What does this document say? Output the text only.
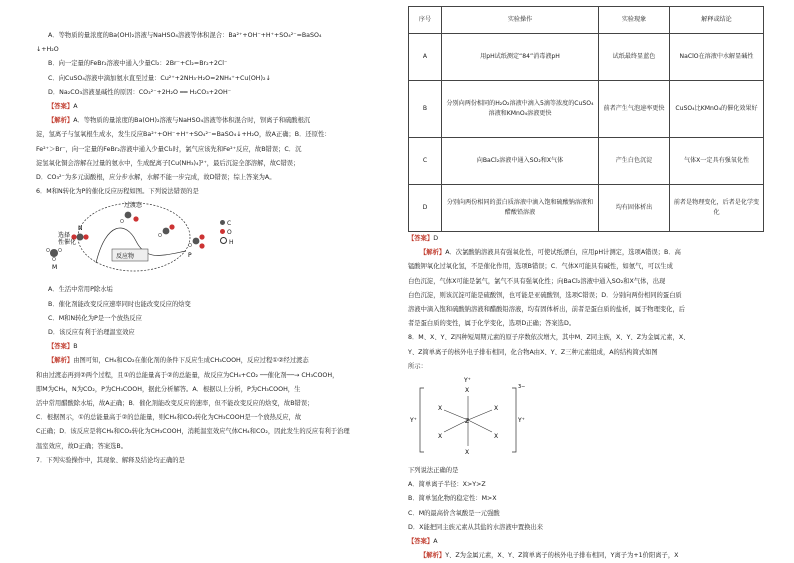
A．等物质的量浓度的Ba(OH)₂溶液与NaHSO₄溶液等体积混合：Ba²⁺+OH⁻+H⁺+SO₄²⁻=BaSO₄

↓+H₂O

B．向一定量的FeBr₂溶液中通入少量Cl₂：2Br⁻+Cl₂=Br₂+2Cl⁻

C．向CuSO₄溶液中滴加氨水直至过量：Cu²⁺+2NH₃·H₂O=2NH₄⁺+Cu(OH)₂↓

D．Na₂CO₃溶液显碱性的原因：CO₃²⁻+2H₂O ══ H₂CO₃+2OH⁻

【答案】A

【解析】A．等物质的量浓度的Ba(OH)₂溶液与NaHSO₄溶液等体积混合时，钡离子和硫酸根沉

淀，氢离子与氢氧根生成水，发生反应Ba²⁺+OH⁻+H⁺+SO₄²⁻=BaSO₄↓+H₂O，故A正确；B．还原性：

Fe²⁺＞Br⁻，向一定量的FeBr₂溶液中通入少量Cl₂时，氯气应该先和Fe²⁺反应，故B错误；C．沉

淀氢氧化铜会溶解在过量的氨水中，生成配离子[Cu(NH₃)₄]²⁺，最后沉淀全部溶解，故C错误；

D．CO₃²⁻为多元弱酸根，应分步水解，水解不能一步完成，故D错误；综上答案为A。

6．M和N转化为P的催化反应历程如图。下列说法错误的是

过渡态
选择
性催化
反应物
M
N
P
C
O
H

A．生活中常用P除水垢

B．催化剂能改变反应速率同时也能改变反应的焓变

C．M和N转化为P是一个放热反应

D．该反应有利于治理温室效应

【答案】B

【解析】由图可知，CH₄和CO₂在催化剂的条件下反应生成CH₃COOH，反应过程①②经过渡态

和由过渡态再到②两个过程，且①的总能量高于②的总能量，故反应为CH₄+CO₂ ──催化剂──→ CH₃COOH，

即M为CH₄，N为CO₂，P为CH₃COOH，据此分析解答。A．根据以上分析，P为CH₃COOH，生

活中常用醋酸除水垢，故A正确；B．催化剂能改变反应的速率，但不能改变反应的焓变，故B错误；

C．根据图示，①的总能量高于②的总能量，则CH₄和CO₂转化为CH₃COOH是一个放热反应，故

C正确；D．该反应是将CH₄和CO₂转化为CH₃COOH，消耗温室效应气体CH₄和CO₂，因此发生的反应有利于治理

温室效应，故D正确；答案选B。

7．下列实验操作中，其现象、解释及结论均正确的是

序号	实验操作	实验现象	解释或结论
A	用pH试纸测定“84”消毒液pH	试纸最终显蓝色	NaClO在溶液中水解显碱性
B	分别向两份相同的H₂O₂溶液中滴入5滴等浓度的CuSO₄溶液和KMnO₄溶液更快	前者产生气泡速率更快	CuSO₄比KMnO₄的催化效果好
C	向BaCl₂溶液中通入SO₂和X气体	产生白色沉淀	气体X一定具有强氧化性
D	分别向两份相同的蛋白质溶液中滴入饱和硫酸钠溶液和醋酸铅溶液	均有固体析出	前者是物理变化，后者是化学变化

【答案】D

【解析】A．次氯酸钠溶液具有强氧化性，可使试纸漂白，应用pH计测定，选项A错误；B．高

锰酸钾氧化过氧化氢，不是催化作用，选项B错误；C．气体X可能具有碱性，如氨气，可以生成

白色沉淀，气体X可能是氯气，氯气不具有强氧化性；向BaCl₂溶液中通入SO₂和X气体，出现

白色沉淀，则该沉淀可能是硫酸钡，也可能是亚硫酸钡，选项C错误；D．分别向两份相同的蛋白质

溶液中滴入饱和硫酸钠溶液和醋酸铅溶液，均有固体析出，前者是蛋白质的盐析，属于物理变化，后

者是蛋白质的变性，属于化学变化，选项D正确；答案选D。

8．M、X、Y、Z四种短周期元素的原子序数依次增大，其中M、Z同主族，X、Y、Z为金属元素，X、

Y、Z简单离子的核外电子排布相同，化合物A由X、Y、Z三种元素组成，A的结构简式如图

所示：

X
X
X	X
X	X
Z
Y⁺	Y⁺
Y⁺
3−

下列说法正确的是

A．简单离子半径：X>Y>Z

B．简单氢化物的稳定性：M>X

C．M的最高价含氧酸是一元强酸

D．X能把同主族元素从其盐的水溶液中置换出来

【答案】A

【解析】Y、Z为金属元素，X、Y、Z简单离子的核外电子排布相同，Y离子为+1价阳离子，X
